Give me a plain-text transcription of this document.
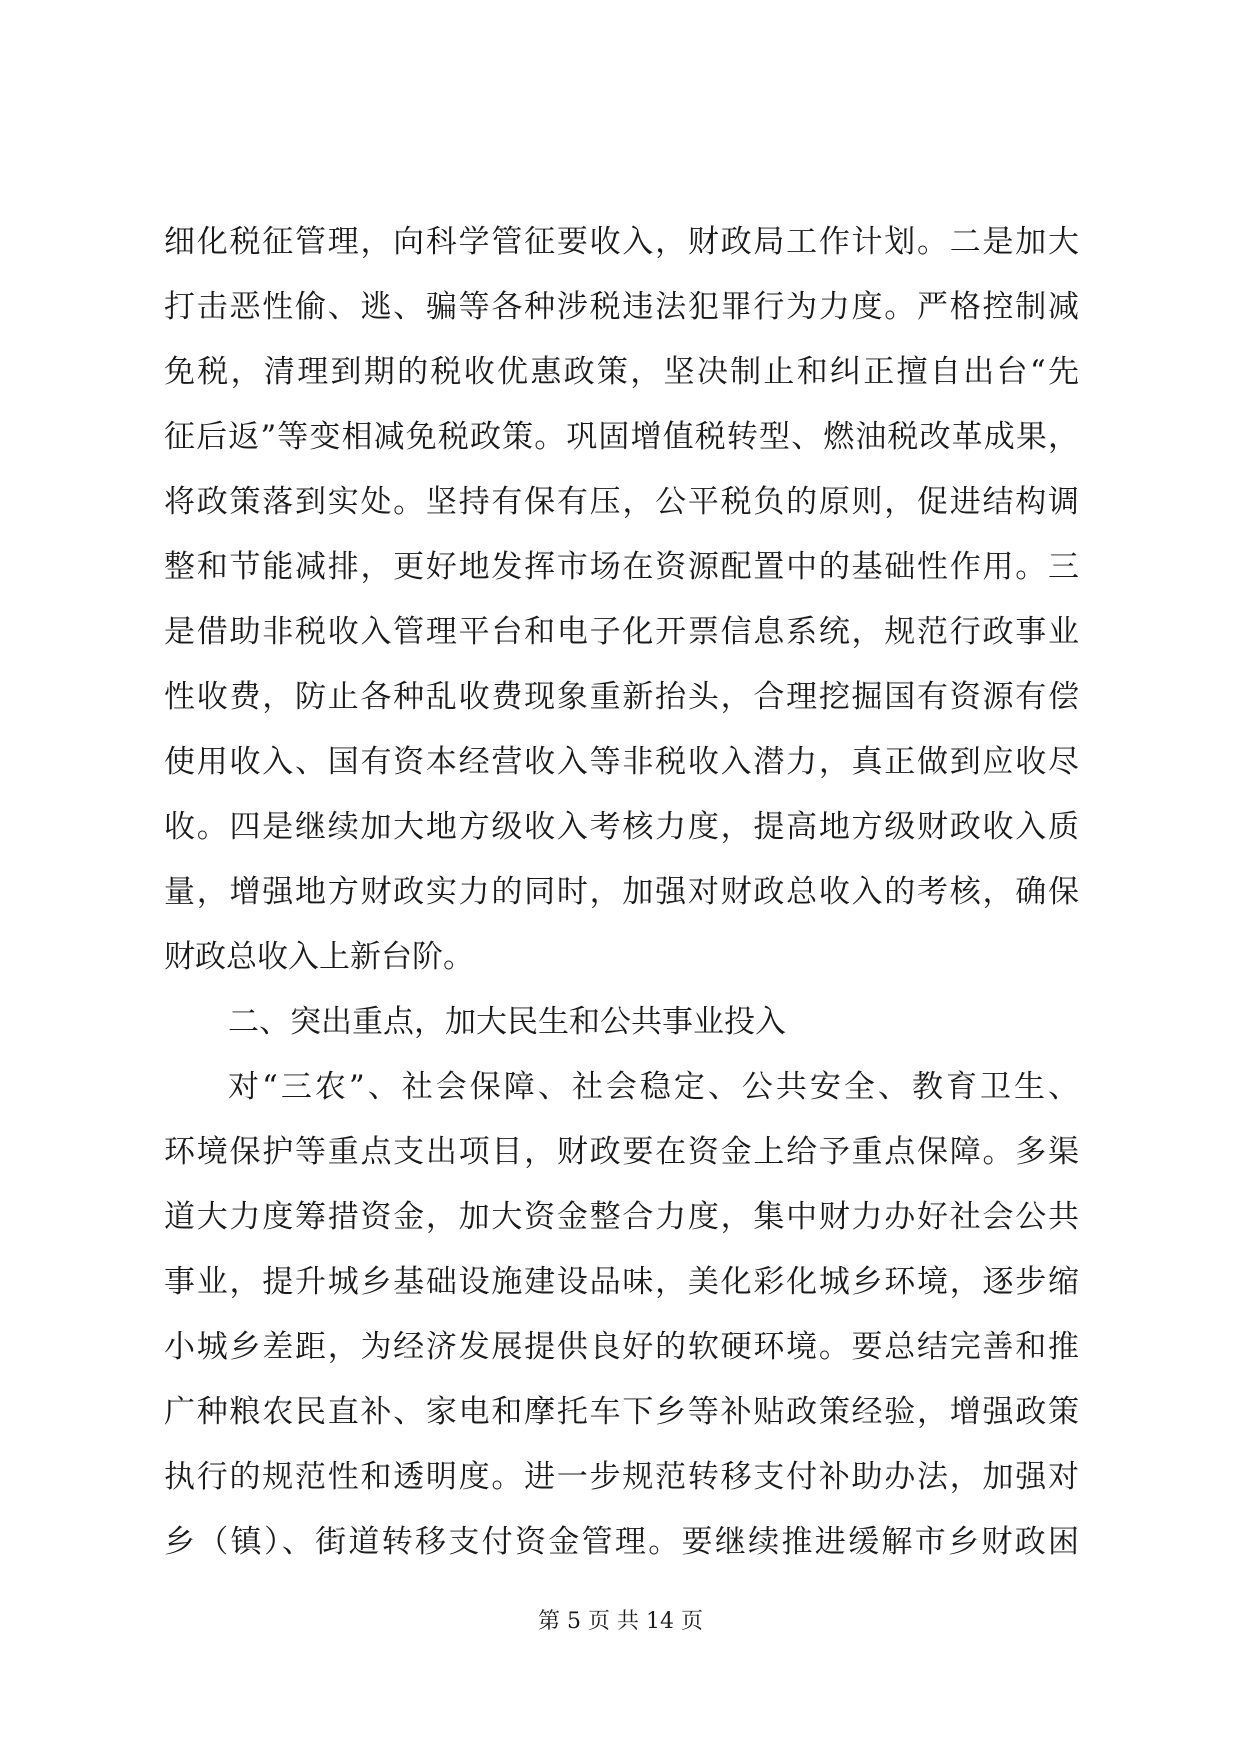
细化税征管理，向科学管征要收入，财政局工作计划。二是加大
打击恶性偷、逃、骗等各种涉税违法犯罪行为力度。严格控制减
免税，清理到期的税收优惠政策，坚决制止和纠正擅自出台“先
征后返”等变相减免税政策。巩固增值税转型、燃油税改革成果，
将政策落到实处。坚持有保有压，公平税负的原则，促进结构调
整和节能减排，更好地发挥市场在资源配置中的基础性作用。三
是借助非税收入管理平台和电子化开票信息系统，规范行政事业
性收费，防止各种乱收费现象重新抬头，合理挖掘国有资源有偿
使用收入、国有资本经营收入等非税收入潜力，真正做到应收尽
收。四是继续加大地方级收入考核力度，提高地方级财政收入质
量，增强地方财政实力的同时，加强对财政总收入的考核，确保
财政总收入上新台阶。
二、突出重点，加大民生和公共事业投入
对“三农”、社会保障、社会稳定、公共安全、教育卫生、
环境保护等重点支出项目，财政要在资金上给予重点保障。多渠
道大力度筹措资金，加大资金整合力度，集中财力办好社会公共
事业，提升城乡基础设施建设品味，美化彩化城乡环境，逐步缩
小城乡差距，为经济发展提供良好的软硬环境。要总结完善和推
广种粮农民直补、家电和摩托车下乡等补贴政策经验，增强政策
执行的规范性和透明度。进一步规范转移支付补助办法，加强对
乡（镇）、街道转移支付资金管理。要继续推进缓解市乡财政困
第 5 页 共 14 页
